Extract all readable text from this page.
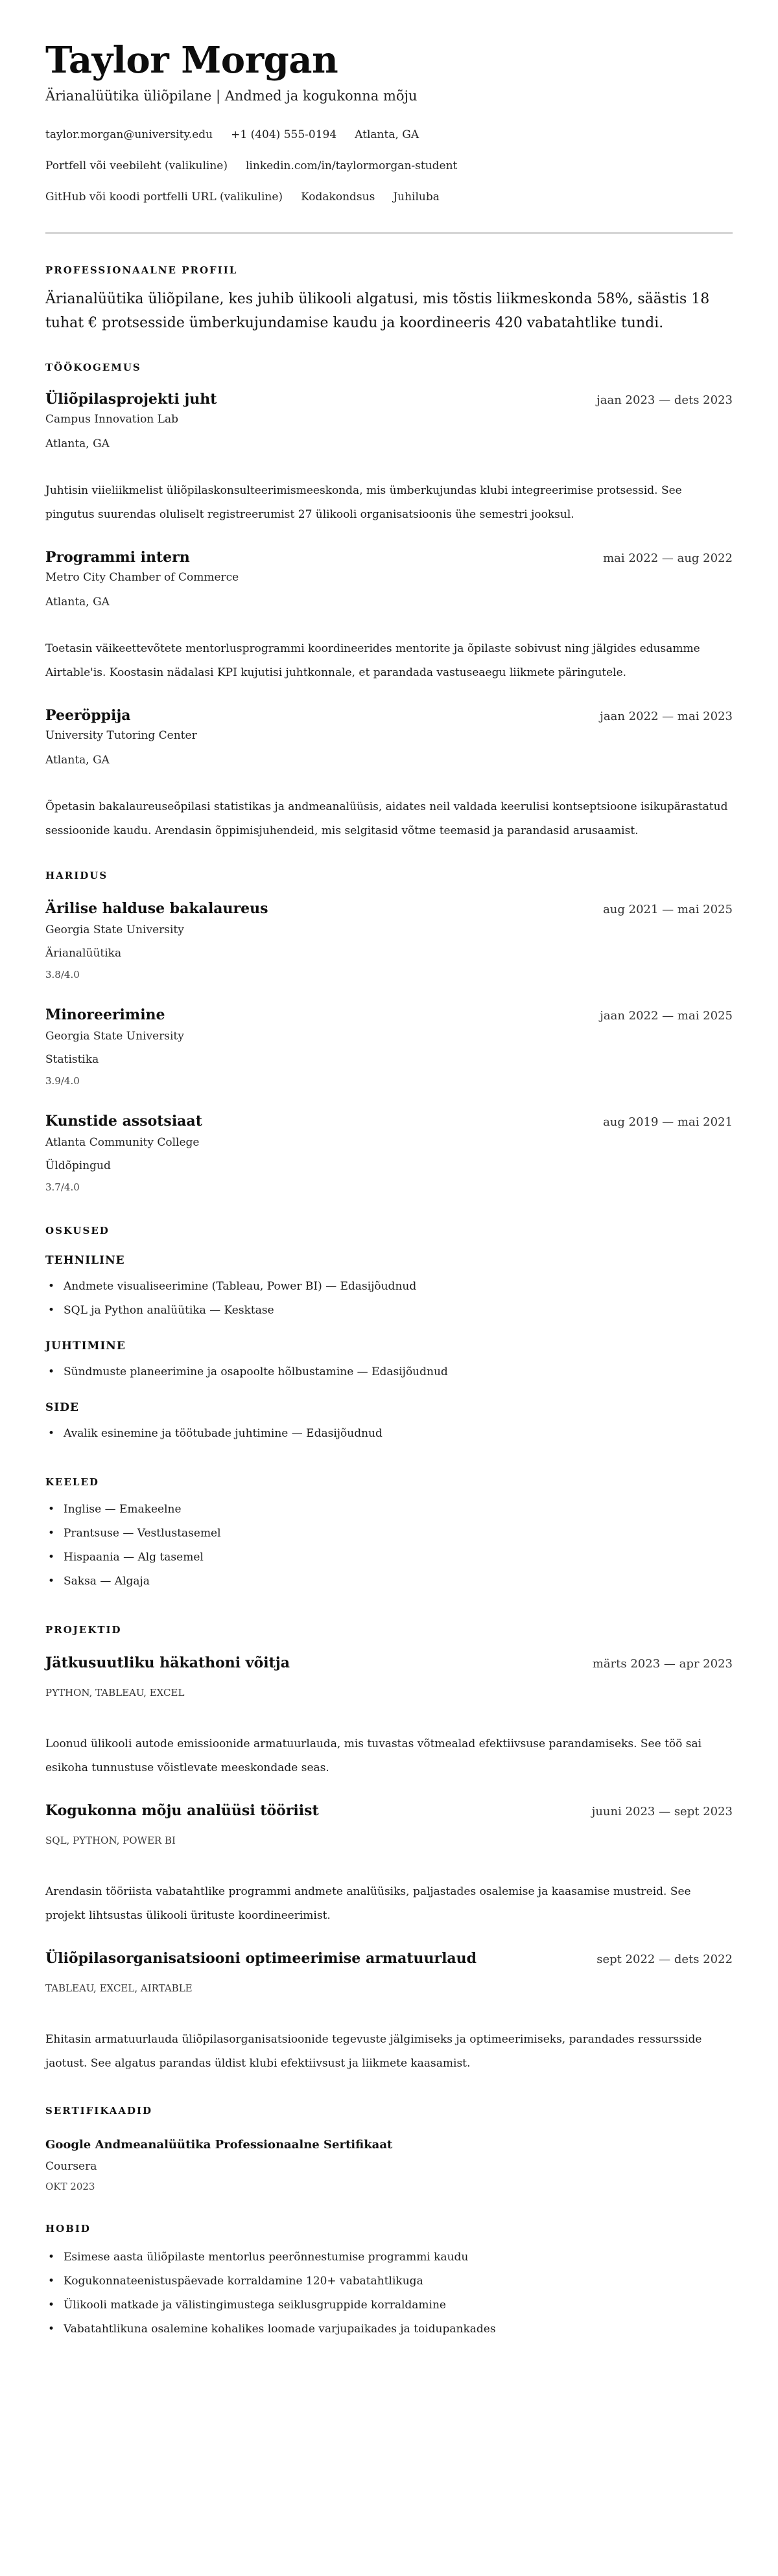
Taylor Morgan
Ärianalüütika üliõpilane | Andmed ja kogukonna mõju
taylor.morgan@university.edu +1 (404) 555-0194 Atlanta, GA
Portfell või veebileht (valikuline) linkedin.com/in/taylormorgan-student
GitHub või koodi portfelli URL (valikuline) Kodakondsus Juhiluba
PROFESSIONAALNE PROFIIL

Ärianalüütika üliõpilane, kes juhib ülikooli algatusi, mis tõstis liikmeskonda 58%, säästis 18 tuhat € protsesside ümberkujundamise kaudu ja koordineeris 420 vabatahtlike tundi.

TÖÖKOGEMUS
Üliõpilasprojekti juht	jaan 2023 — dets 2023
Campus Innovation Lab
Atlanta, GA

Juhtisin viieliikmelist üliõpilaskonsulteerimismeeskonda, mis ümberkujundas klubi integreerimise protsessid. See pingutus suurendas oluliselt registreerumist 27 ülikooli organisatsioonis ühe semestri jooksul.

Programmi intern	mai 2022 — aug 2022
Metro City Chamber of Commerce
Atlanta, GA

Toetasin väikeettevõtete mentorlusprogrammi koordineerides mentorite ja õpilaste sobivust ning jälgides edusamme Airtable'is. Koostasin nädalasi KPI kujutisi juhtkonnale, et parandada vastuseaegu liikmete päringutele.

Peeröppija	jaan 2022 — mai 2023
University Tutoring Center
Atlanta, GA

Õpetasin bakalaureuseõpilasi statistikas ja andmeanalüüsis, aidates neil valdada keerulisi kontseptsioone isikupärastatud sessioonide kaudu. Arendasin õppimisjuhendeid, mis selgitasid võtme teemasid ja parandasid arusaamist.

HARIDUS
Ärilise halduse bakalaureus	aug 2021 — mai 2025
Georgia State University
Ärianalüütika
3.8/4.0
Minoreerimine	jaan 2022 — mai 2025
Georgia State University
Statistika
3.9/4.0
Kunstide assotsiaat	aug 2019 — mai 2021
Atlanta Community College
Üldõpingud
3.7/4.0
OSKUSED
TEHNILINE
• Andmete visualiseerimine (Tableau, Power BI) — Edasijõudnud
• SQL ja Python analüütika — Kesktase
JUHTIMINE
• Sündmuste planeerimine ja osapoolte hõlbustamine — Edasijõudnud
SIDE
• Avalik esinemine ja töötubade juhtimine — Edasijõudnud
KEELED
• Inglise — Emakeelne
• Prantsuse — Vestlustasemel
• Hispaania — Alg tasemel
• Saksa — Algaja
PROJEKTID
Jätkusuutliku häkathoni võitja	märts 2023 — apr 2023
PYTHON, TABLEAU, EXCEL

Loonud ülikooli autode emissioonide armatuurlauda, mis tuvastas võtmealad efektiivsuse parandamiseks. See töö sai esikoha tunnustuse võistlevate meeskondade seas.

Kogukonna mõju analüüsi tööriist	juuni 2023 — sept 2023
SQL, PYTHON, POWER BI

Arendasin tööriista vabatahtlike programmi andmete analüüsiks, paljastades osalemise ja kaasamise mustreid. See projekt lihtsustas ülikooli ürituste koordineerimist.

Üliõpilasorganisatsiooni optimeerimise armatuurlaud	sept 2022 — dets 2022
TABLEAU, EXCEL, AIRTABLE

Ehitasin armatuurlauda üliõpilasorganisatsioonide tegevuste jälgimiseks ja optimeerimiseks, parandades ressursside jaotust. See algatus parandas üldist klubi efektiivsust ja liikmete kaasamist.

SERTIFIKAADID
Google Andmeanalüütika Professionaalne Sertifikaat
Coursera
OKT 2023
HOBID
• Esimese aasta üliõpilaste mentorlus peerõnnestumise programmi kaudu
• Kogukonnateenistuspäevade korraldamine 120+ vabatahtlikuga
• Ülikooli matkade ja välistingimustega seiklusgruppide korraldamine
• Vabatahtlikuna osalemine kohalikes loomade varjupaikades ja toidupankades
